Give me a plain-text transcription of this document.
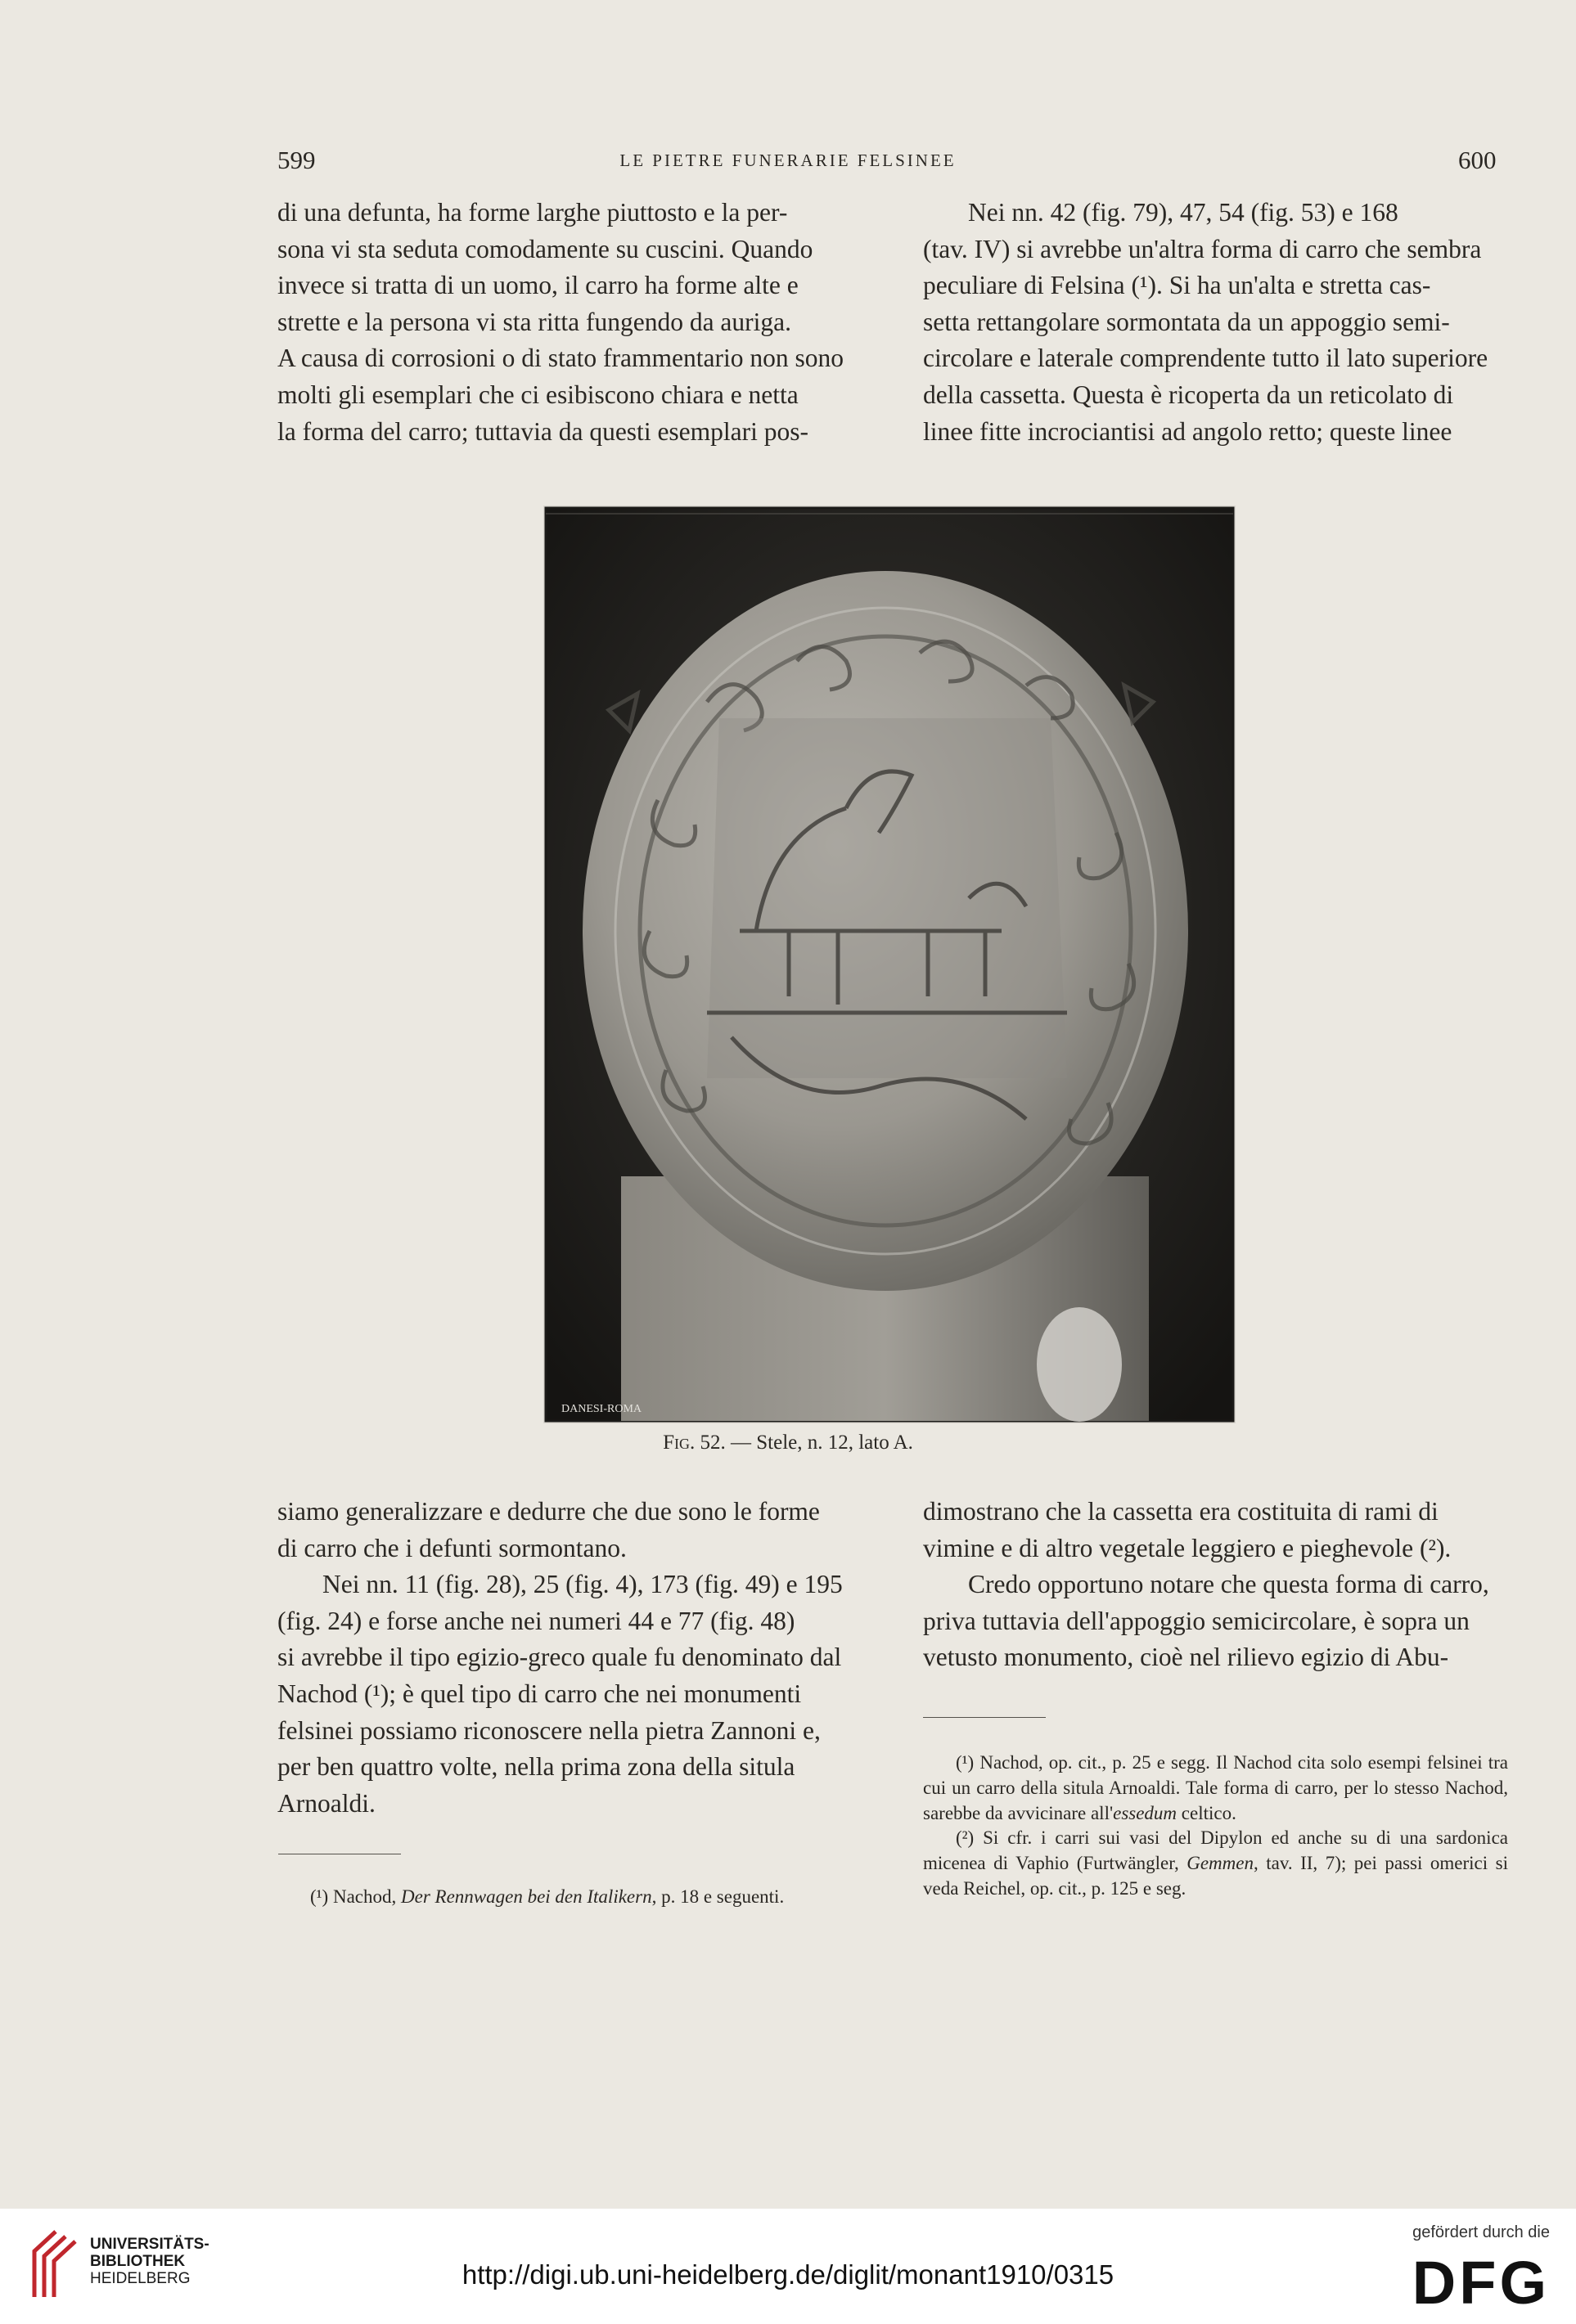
599	LE PIETRE FUNERARIE FELSINEE	600

di una defunta, ha forme larghe piuttosto e la per-

sona vi sta seduta comodamente su cuscini. Quando

invece si tratta di un uomo, il carro ha forme alte e

strette e la persona vi sta ritta fungendo da auriga.

A causa di corrosioni o di stato frammentario non sono

molti gli esemplari che ci esibiscono chiara e netta

la forma del carro; tuttavia da questi esemplari pos-

Nei nn. 42 (fig. 79), 47, 54 (fig. 53) e 168

(tav. IV) si avrebbe un'altra forma di carro che sembra

peculiare di Felsina (¹). Si ha un'alta e stretta cas-

setta rettangolare sormontata da un appoggio semi-

circolare e laterale comprendente tutto il lato superiore

della cassetta. Questa è ricoperta da un reticolato di

linee fitte incrociantisi ad angolo retto; queste linee

DANESI-ROMA
Fig. 52. — Stele, n. 12, lato A.

siamo generalizzare e dedurre che due sono le forme

di carro che i defunti sormontano.

Nei nn. 11 (fig. 28), 25 (fig. 4), 173 (fig. 49) e 195

(fig. 24) e forse anche nei numeri 44 e 77 (fig. 48)

si avrebbe il tipo egizio-greco quale fu denominato dal

Nachod (¹); è quel tipo di carro che nei monumenti

felsinei possiamo riconoscere nella pietra Zannoni e,

per ben quattro volte, nella prima zona della situla

Arnoaldi.

(¹) Nachod, Der Rennwagen bei den Italikern, p. 18 e seguenti.

dimostrano che la cassetta era costituita di rami di

vimine e di altro vegetale leggiero e pieghevole (²).

Credo opportuno notare che questa forma di carro,

priva tuttavia dell'appoggio semicircolare, è sopra un

vetusto monumento, cioè nel rilievo egizio di Abu-

(¹) Nachod, op. cit., p. 25 e segg. Il Nachod cita solo esempi felsinei tra cui un carro della situla Arnoaldi. Tale forma di carro, per lo stesso Nachod, sarebbe da avvicinare all'essedum celtico.

(²) Si cfr. i carri sui vasi del Dipylon ed anche su di una sardonica micenea di Vaphio (Furtwängler, Gemmen, tav. II, 7); pei passi omerici si veda Reichel, op. cit., p. 125 e seg.

UNIVERSITÄTS-
BIBLIOTHEK
HEIDELBERG	http://digi.ub.uni-heidelberg.de/diglit/monant1910/0315
gefördert durch die
DFG
